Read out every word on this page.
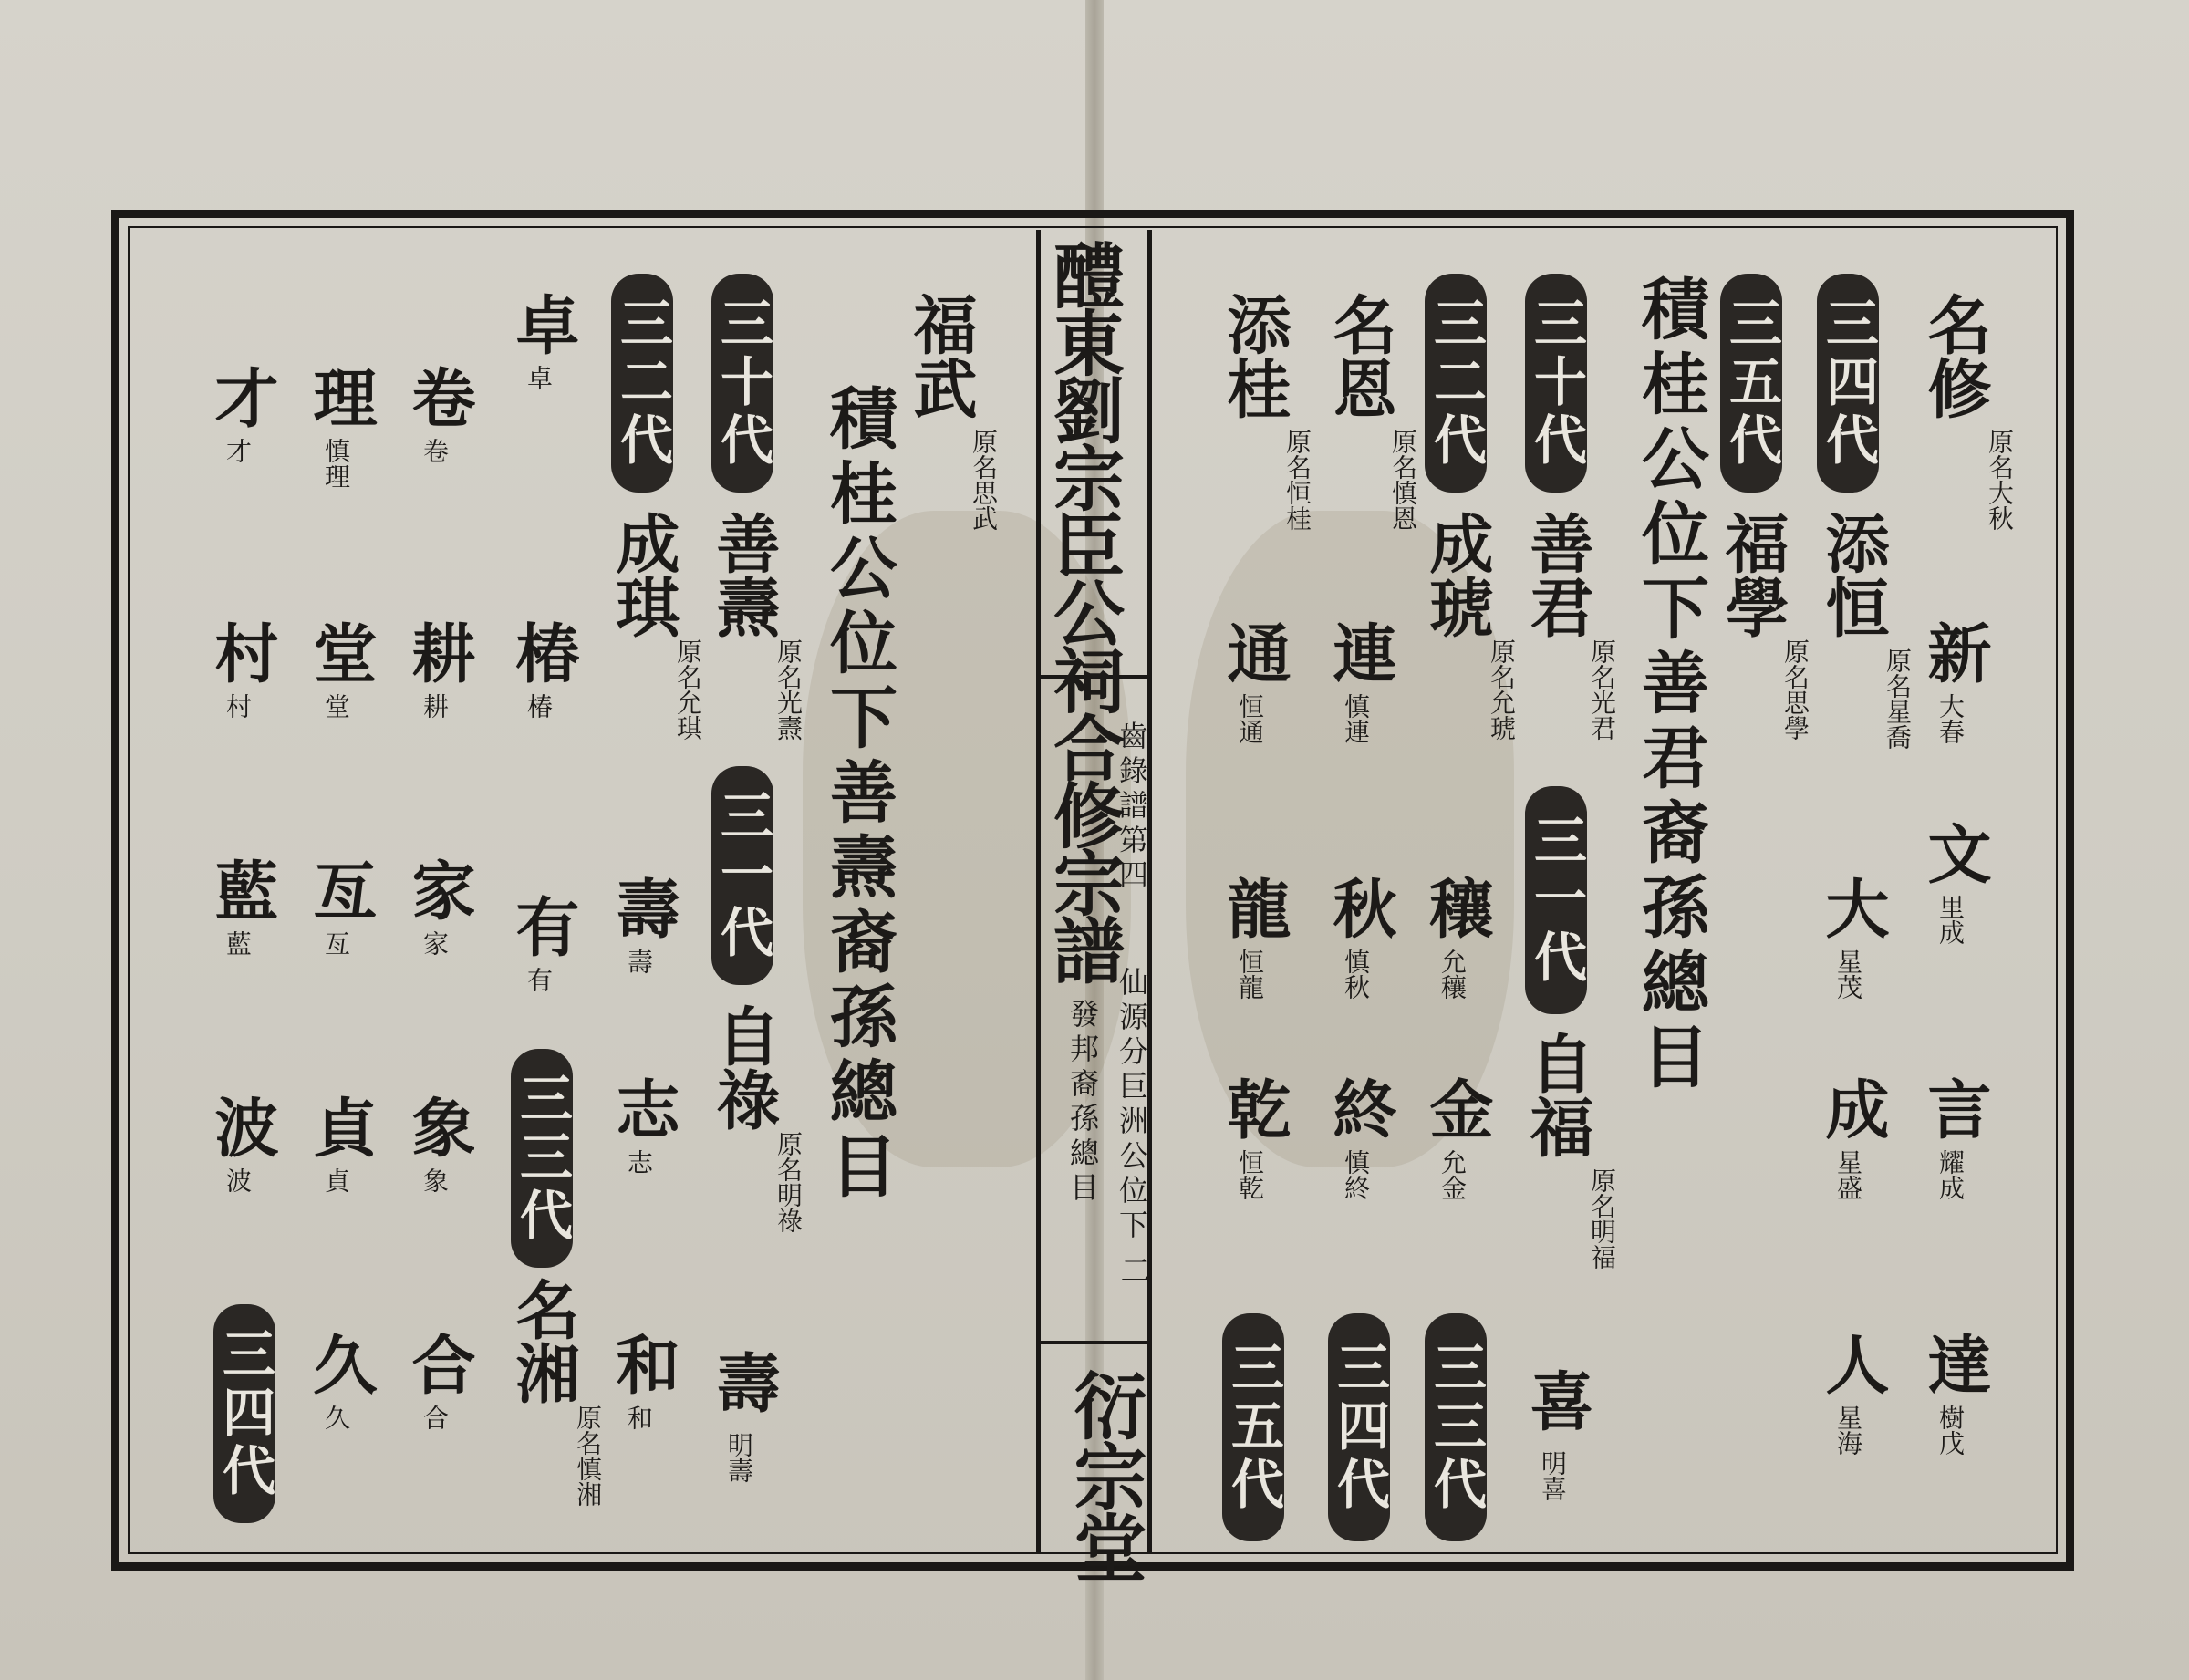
醴東劉宗臣公祠合修宗譜
齒錄譜第四
仙源分巨洲公位下
發邦裔孫總目
二
衍宗堂
積桂公位下善君裔孫總目 三四代
三五代
三十代
三二代
三一代
三三代
三四代
三五代
名修
原名大秋
新
大春
文
里成
言
耀成
達
樹戊
添恒
原名星喬
大
星茂
成
星盛
人
星海
福學
原名思學
善君
原名光君
自福
原名明福
喜
明喜
成琥
原名允琥
穰
允穰
金
允金
名恩
原名慎恩
連
慎連
秋
慎秋
終
慎終
添桂
原名恒桂
通
恒通
龍
恒龍
乾
恒乾
福武
原名思武
積桂公位下善燾裔孫總目
三十代
三一代
三二代
三三代
三四代
善燾
原名光燾
自祿
原名明祿
壽
明壽
成琪
原名允琪
壽
壽
志
志
和
和
卓
卓
椿
椿
有
有
名湘
原名慎湘
卷
卷
耕
耕
家
家
象
象
合
合
理
慎理
堂
堂
亙
亙
貞
貞
久
久
才
才
村
村
藍
藍
波
波
